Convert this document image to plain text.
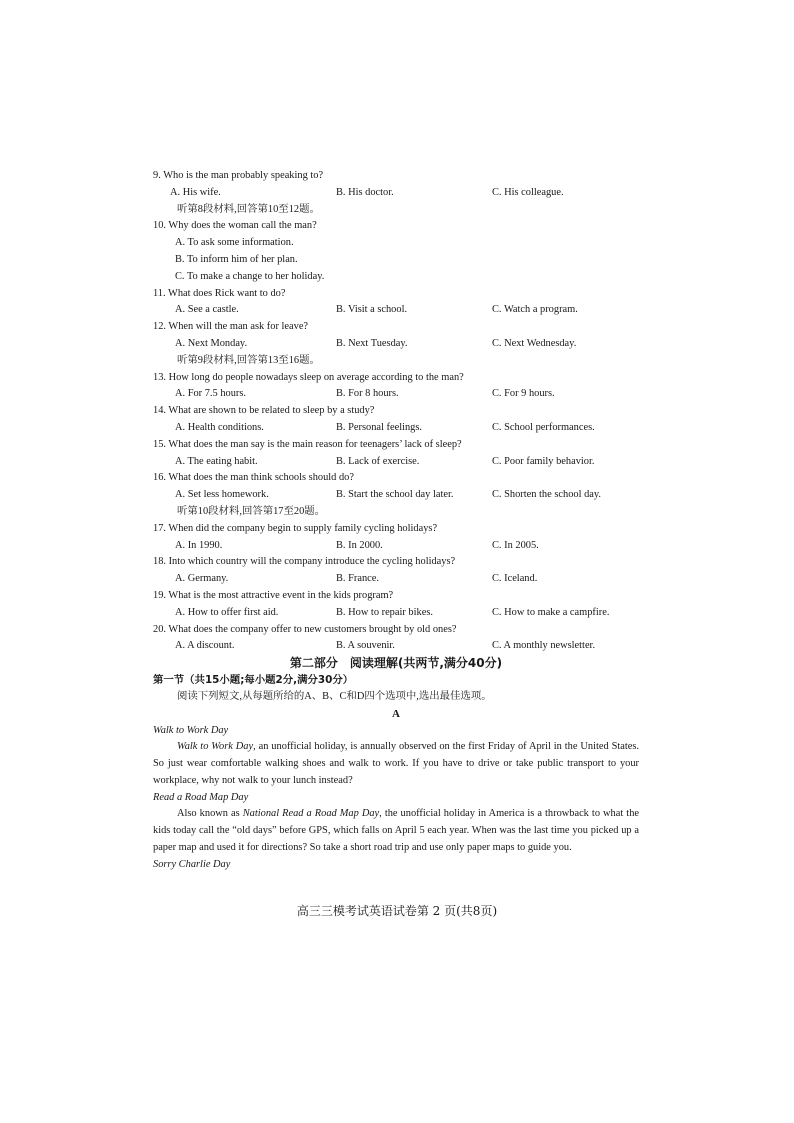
9. Who is the man probably speaking to?
A. His wife.	B. His doctor.	C. His colleague.
听第8段材料,回答第10至12题。
10. Why does the woman call the man?
A. To ask some information.
B. To inform him of her plan.
C. To make a change to her holiday.
11. What does Rick want to do?
A. See a castle.	B. Visit a school.	C. Watch a program.
12. When will the man ask for leave?
A. Next Monday.	B. Next Tuesday.	C. Next Wednesday.
听第9段材料,回答第13至16题。
13. How long do people nowadays sleep on average according to the man?
A. For 7.5 hours.	B. For 8 hours.	C. For 9 hours.
14. What are shown to be related to sleep by a study?
A. Health conditions.	B. Personal feelings.	C. School performances.
15. What does the man say is the main reason for teenagers’ lack of sleep?
A. The eating habit.	B. Lack of exercise.	C. Poor family behavior.
16. What does the man think schools should do?
A. Set less homework.	B. Start the school day later.	C. Shorten the school day.
听第10段材料,回答第17至20题。
17. When did the company begin to supply family cycling holidays?
A. In 1990.	B. In 2000.	C. In 2005.
18. Into which country will the company introduce the cycling holidays?
A. Germany.	B. France.	C. Iceland.
19. What is the most attractive event in the kids program?
A. How to offer first aid.	B. How to repair bikes.	C. How to make a campfire.
20. What does the company offer to new customers brought by old ones?
A. A discount.	B. A souvenir.	C. A monthly newsletter.
第二部分　阅读理解(共两节,满分40分)
第一节（共15小题;每小题2分,满分30分）
阅读下列短文,从每题所给的A、B、C和D四个选项中,选出最佳选项。
A
Walk to Work Day
Walk to Work Day, an unofficial holiday, is annually observed on the first Friday of April in the United States. So just wear comfortable walking shoes and walk to work. If you have to drive or take public transport to your workplace, why not walk to your lunch instead?
Read a Road Map Day
Also known as National Read a Road Map Day, the unofficial holiday in America is a throwback to what the kids today call the “old days” before GPS, which falls on April 5 each year. When was the last time you picked up a paper map and used it for directions? So take a short road trip and use only paper maps to guide you.
Sorry Charlie Day
高三三模考试英语试卷第 2 页(共8页)
